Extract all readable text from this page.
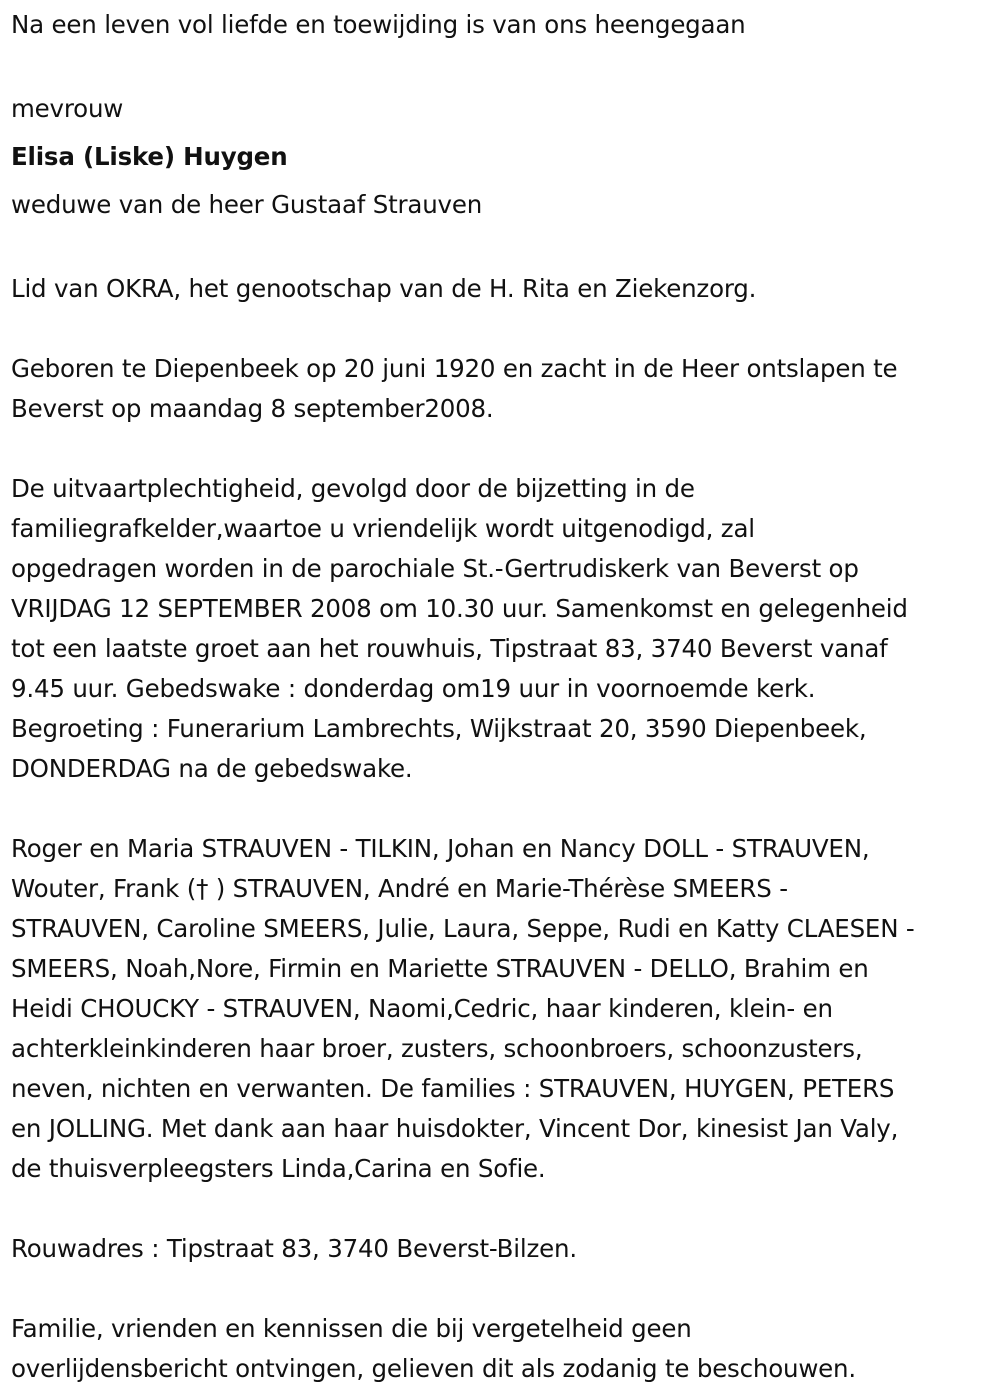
Na een leven vol liefde en toewijding is van ons heengegaan

mevrouw

Elisa (Liske) Huygen

weduwe van de heer Gustaaf Strauven

Lid van OKRA, het genootschap van de H. Rita en Ziekenzorg.

Geboren te Diepenbeek op 20 juni 1920 en zacht in de Heer ontslapen te

Beverst op maandag 8 september2008.

De uitvaartplechtigheid, gevolgd door de bijzetting in de

familiegrafkelder,waartoe u vriendelijk wordt uitgenodigd, zal

opgedragen worden in de parochiale St.-Gertrudiskerk van Beverst op

VRIJDAG 12 SEPTEMBER 2008 om 10.30 uur. Samenkomst en gelegenheid

tot een laatste groet aan het rouwhuis, Tipstraat 83, 3740 Beverst vanaf

9.45 uur. Gebedswake : donderdag om19 uur in voornoemde kerk.

Begroeting : Funerarium Lambrechts, Wijkstraat 20, 3590 Diepenbeek,

DONDERDAG na de gebedswake.

Roger en Maria STRAUVEN - TILKIN, Johan en Nancy DOLL - STRAUVEN,

Wouter, Frank († ) STRAUVEN, André en Marie-Thérèse SMEERS -

STRAUVEN, Caroline SMEERS, Julie, Laura, Seppe, Rudi en Katty CLAESEN -

SMEERS, Noah,Nore, Firmin en Mariette STRAUVEN - DELLO, Brahim en

Heidi CHOUCKY - STRAUVEN, Naomi,Cedric, haar kinderen, klein- en

achterkleinkinderen haar broer, zusters, schoonbroers, schoonzusters,

neven, nichten en verwanten. De families : STRAUVEN, HUYGEN, PETERS

en JOLLING. Met dank aan haar huisdokter, Vincent Dor, kinesist Jan Valy,

de thuisverpleegsters Linda,Carina en Sofie.

Rouwadres : Tipstraat 83, 3740 Beverst-Bilzen.

Familie, vrienden en kennissen die bij vergetelheid geen

overlijdensbericht ontvingen, gelieven dit als zodanig te beschouwen.
